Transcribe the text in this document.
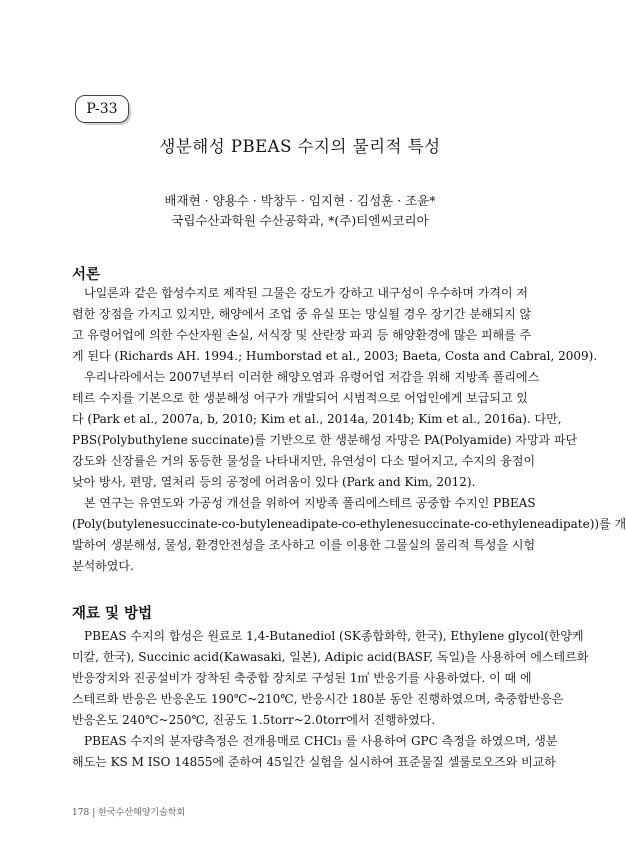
P-33
생분해성 PBEAS 수지의 물리적 특성
배재현 · 양용수 · 박창두 · 임지현 · 김성훈 · 조윤*
국립수산과학원 수산공학과, *(주)티엔씨코리아
서론
나일론과 같은 합성수지로 제작된 그물은 강도가 강하고 내구성이 우수하며 가격이 저
렴한 장점을 가지고 있지만, 해양에서 조업 중 유실 또는 망실될 경우 장기간 분해되지 않
고 유령어업에 의한 수산자원 손실, 서식장 및 산란장 파괴 등 해양환경에 많은 피해를 주
게 된다 (Richards AH. 1994.; Humborstad et al., 2003; Baeta, Costa and Cabral, 2009).
우리나라에서는 2007년부터 이러한 해양오염과 유령어업 저감을 위해 지방족 폴리에스
테르 수지를 기본으로 한 생분해성 어구가 개발되어 시범적으로 어업인에게 보급되고 있
다 (Park et al., 2007a, b, 2010; Kim et al., 2014a, 2014b; Kim et al., 2016a). 다만,
PBS(Polybuthylene succinate)를 기반으로 한 생분해성 자망은 PA(Polyamide) 자망과 파단
강도와 신장률은 거의 동등한 물성을 나타내지만, 유연성이 다소 떨어지고, 수지의 융점이
낮아 방사, 편망, 열처리 등의 공정에 어려움이 있다 (Park and Kim, 2012).
본 연구는 유연도와 가공성 개선을 위하여 지방족 폴리에스테르 공중합 수지인 PBEAS
(Poly(butylenesuccinate-co-butyleneadipate-co-ethylenesuccinate-co-ethyleneadipate))를 개
발하여 생분해성, 물성, 환경안전성을 조사하고 이를 이용한 그물실의 물리적 특성을 시험
분석하였다.
재료 및 방법
PBEAS 수지의 합성은 원료로 1,4-Butanediol (SK종합화학, 한국), Ethylene glycol(한양케
미칼, 한국), Succinic acid(Kawasaki, 일본), Adipic acid(BASF, 독일)을 사용하여 에스테르화
반응장치와 진공설비가 장착된 축중합 장치로 구성된 1㎥ 반응기를 사용하였다. 이 때 에
스테르화 반응은 반응온도 190℃~210℃, 반응시간 180분 동안 진행하였으며, 축중합반응은
반응온도 240℃~250℃, 진공도 1.5torr~2.0torr에서 진행하였다.
PBEAS 수지의 분자량측정은 전개용매로 CHCl₃ 를 사용하여 GPC 측정을 하였으며, 생분
해도는 KS M ISO 14855에 준하여 45일간 실험을 실시하여 표준물질 셀룰로오즈와 비교하
178 | 한국수산해양기술학회
